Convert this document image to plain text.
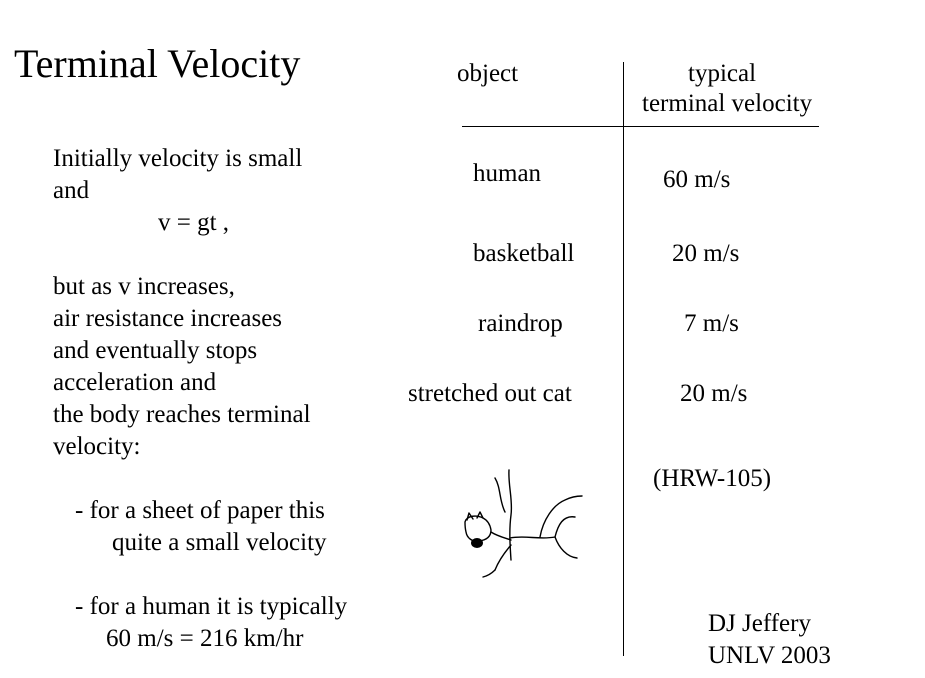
Terminal Velocity
Initially velocity is small
and
v = gt ,
but as v increases,
air resistance increases
and eventually stops
acceleration and
the body reaches terminal
velocity:
- for a sheet of paper this
quite a small velocity
- for a human it is typically
60 m/s = 216 km/hr
object	typical
terminal velocity
human	60 m/s
basketball	20 m/s
raindrop	7 m/s
stretched out cat	20 m/s
(HRW-105)
DJ Jeffery
UNLV 2003
